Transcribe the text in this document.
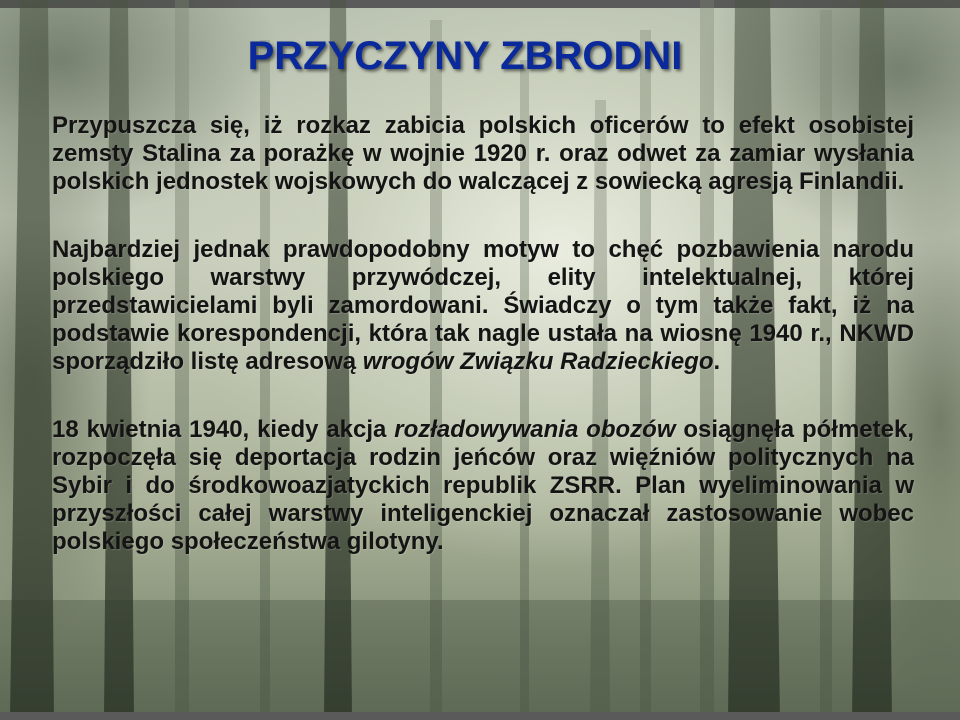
PRZYCZYNY ZBRODNI

Przypuszcza się, iż rozkaz zabicia polskich oficerów to efekt osobistej zemsty Stalina za porażkę w wojnie 1920 r. oraz odwet za zamiar wysłania polskich jednostek wojskowych do walczącej z sowiecką agresją Finlandii.

Najbardziej jednak prawdopodobny motyw to chęć pozbawienia narodu polskiego warstwy przywódczej, elity intelektualnej, której przedstawicielami byli zamordowani. Świadczy o tym także fakt, iż na podstawie korespondencji, która tak nagle ustała na wiosnę 1940 r., NKWD sporządziło listę adresową wrogów Związku Radzieckiego.

18 kwietnia 1940, kiedy akcja rozładowywania obozów osiągnęła półmetek, rozpoczęła się deportacja rodzin jeńców oraz więźniów politycznych na Sybir i do środkowoazjatyckich republik ZSRR. Plan wyeliminowania w przyszłości całej warstwy inteligenckiej oznaczał zastosowanie wobec polskiego społeczeństwa gilotyny.
